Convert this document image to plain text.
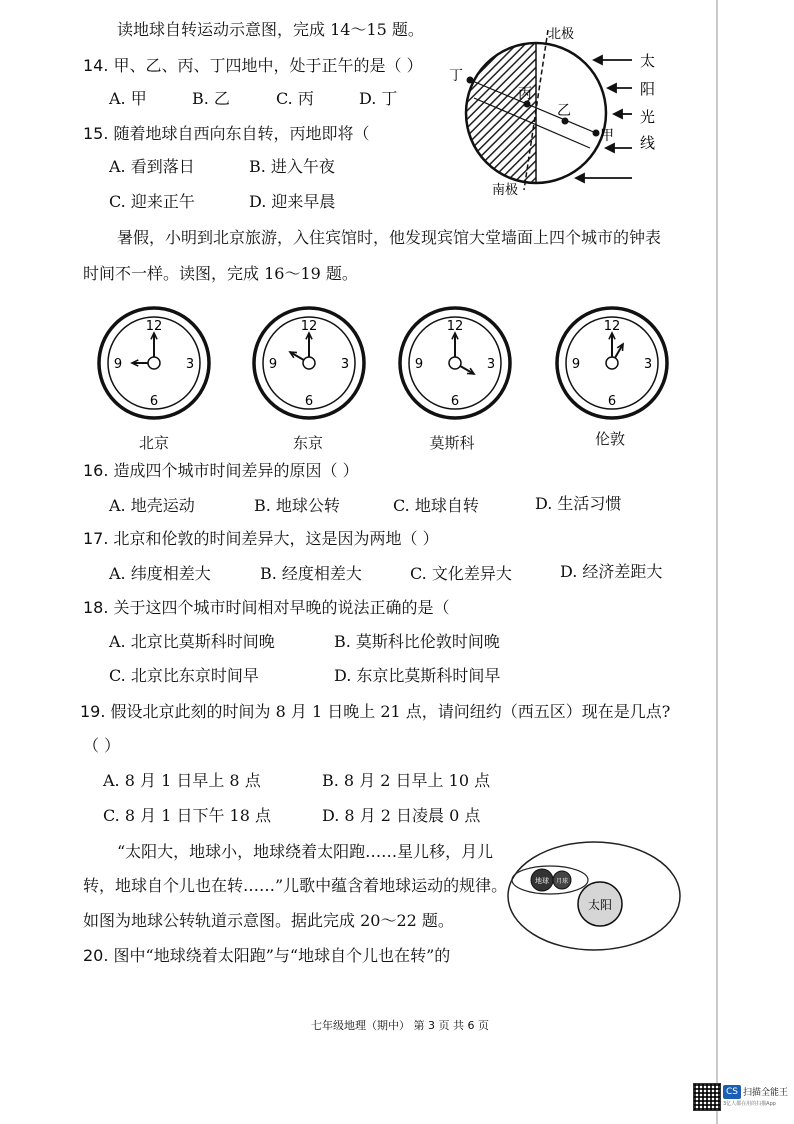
读地球自转运动示意图，完成 14～15 题。
14. 甲、乙、丙、丁四地中，处于正午的是（ ）
A. 甲	B. 乙	C. 丙	D. 丁
15. 随着地球自西向东自转，丙地即将（
A. 看到落日	B. 进入午夜
C. 迎来正午	D. 迎来早晨
丁
丙
乙
甲
北极
南极
太
阳
光
线
暑假，小明到北京旅游，入住宾馆时，他发现宾馆大堂墙面上四个城市的钟表
时间不一样。读图，完成 16～19 题。
12
3
6
9
12
3
6
9
12
3
6
9
12
3
6
9
北京	东京	莫斯科	伦敦
16. 造成四个城市时间差异的原因（ ）
A. 地壳运动	B. 地球公转	C. 地球自转	D. 生活习惯
17. 北京和伦敦的时间差异大，这是因为两地（ ）
A. 纬度相差大	B. 经度相差大	C. 文化差异大	D. 经济差距大
18. 关于这四个城市时间相对早晚的说法正确的是（
A. 北京比莫斯科时间晚	B. 莫斯科比伦敦时间晚
C. 北京比东京时间早	D. 东京比莫斯科时间早
19. 假设北京此刻的时间为 8 月 1 日晚上 21 点，请问纽约（西五区）现在是几点?
（ ）
A. 8 月 1 日早上 8 点	B. 8 月 2 日早上 10 点
C. 8 月 1 日下午 18 点	D. 8 月 2 日凌晨 0 点
“太阳大，地球小，地球绕着太阳跑……星儿移，月儿
转，地球自个儿也在转……”儿歌中蕴含着地球运动的规律。
如图为地球公转轨道示意图。据此完成 20～22 题。
太阳
地球 月球
20. 图中“地球绕着太阳跑”与“地球自个儿也在转”的
七年级地理（期中） 第 3 页 共 6 页
CS 扫描全能王
3亿人都在用的扫描App
